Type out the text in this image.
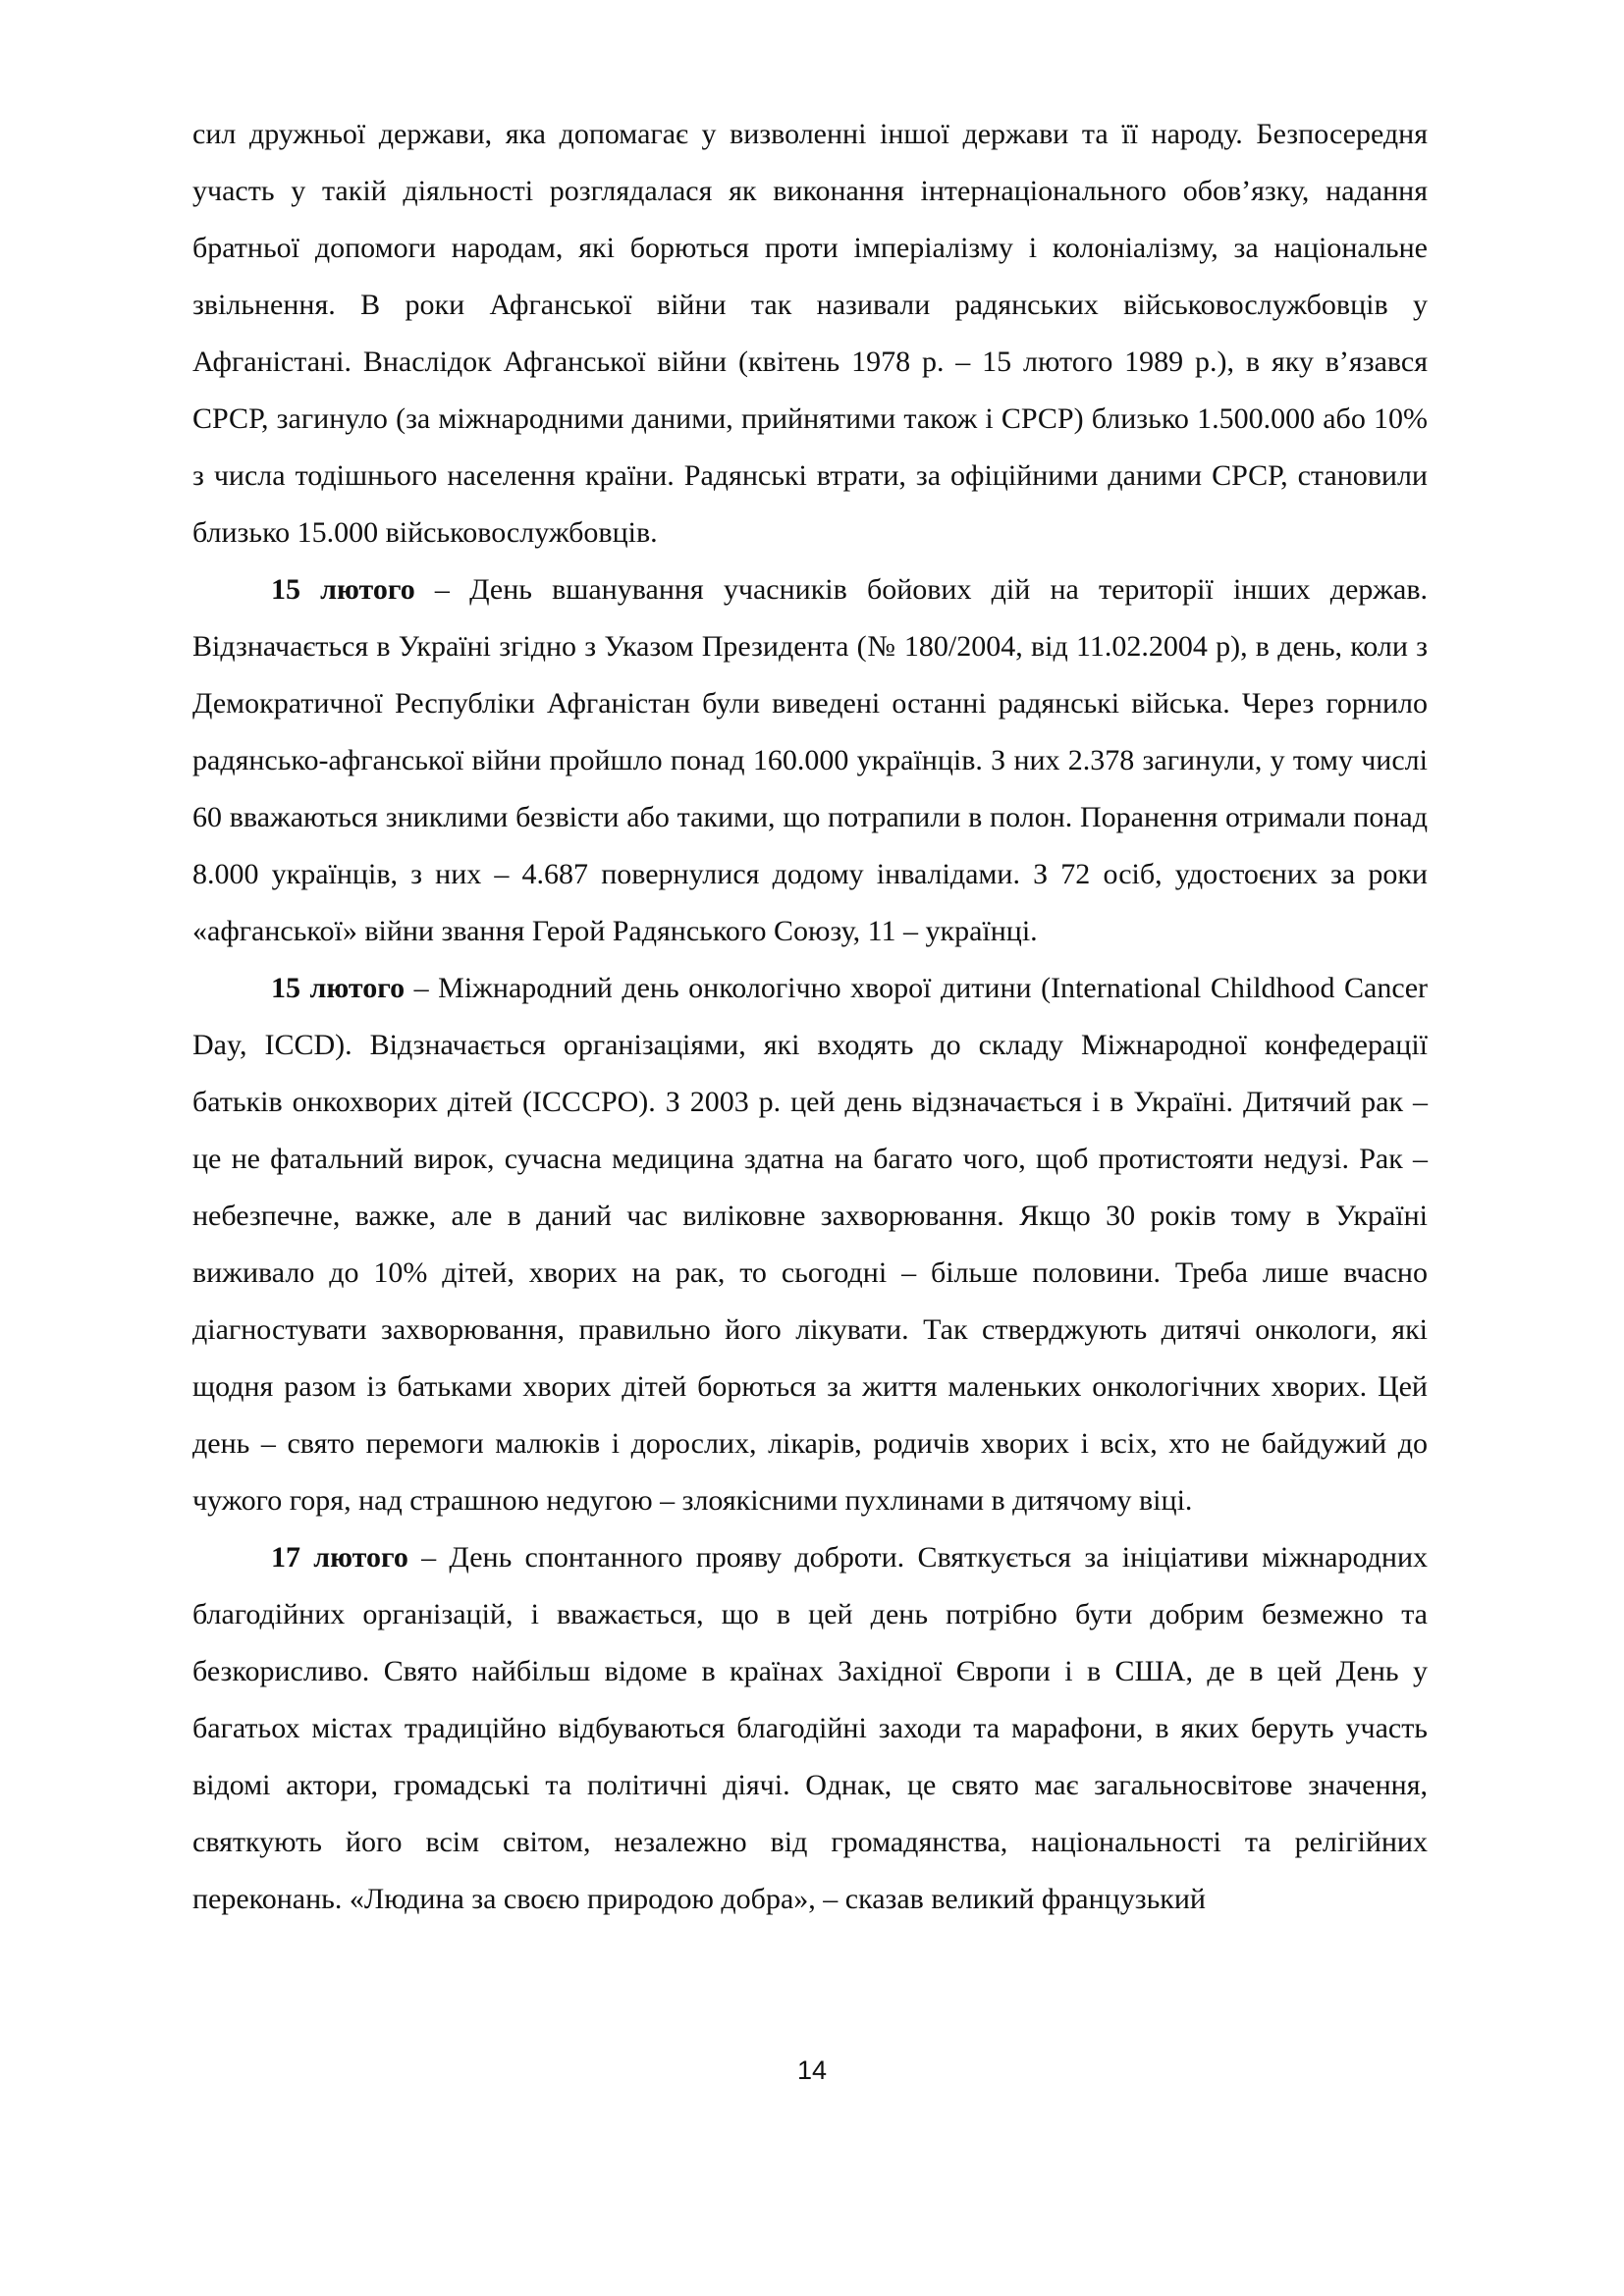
сил дружньої держави, яка допомагає у визволенні іншої держави та її народу. Безпосередня участь у такій діяльності розглядалася як виконання інтернаціонального обов’язку, надання братньої допомоги народам, які борються проти імперіалізму і колоніалізму, за національне звільнення. В роки Афганської війни так називали радянських військовослужбовців у Афганістані. Внаслідок Афганської війни (квітень 1978 р. – 15 лютого 1989 р.), в яку в’язався СРСР, загинуло (за міжнародними даними, прийнятими також і СРСР) близько 1.500.000 або 10% з числа тодішнього населення країни. Радянські втрати, за офіційними даними СРСР, становили близько 15.000 військовослужбовців.

15 лютого – День вшанування учасників бойових дій на території інших держав. Відзначається в Україні згідно з Указом Президента (№ 180/2004, від 11.02.2004 р), в день, коли з Демократичної Республіки Афганістан були виведені останні радянські війська. Через горнило радянсько-афганської війни пройшло понад 160.000 українців. З них 2.378 загинули, у тому числі 60 вважаються зниклими безвісти або такими, що потрапили в полон. Поранення отримали понад 8.000 українців, з них – 4.687 повернулися додому інвалідами. З 72 осіб, удостоєних за роки «афганської» війни звання Герой Радянського Союзу, 11 – українці.

15 лютого – Міжнародний день онкологічно хворої дитини (International Childhood Cancer Day, ICCD). Відзначається організаціями, які входять до складу Міжнародної конфедерації батьків онкохворих дітей (ICCCPO). З 2003 р. цей день відзначається і в Україні. Дитячий рак – це не фатальний вирок, сучасна медицина здатна на багато чого, щоб протистояти недузі. Рак – небезпечне, важке, але в даний час виліковне захворювання. Якщо 30 років тому в Україні виживало до 10% дітей, хворих на рак, то сьогодні – більше половини. Треба лише вчасно діагностувати захворювання, правильно його лікувати. Так стверджують дитячі онкологи, які щодня разом із батьками хворих дітей борються за життя маленьких онкологічних хворих. Цей день – свято перемоги малюків і дорослих, лікарів, родичів хворих і всіх, хто не байдужий до чужого горя, над страшною недугою – злоякісними пухлинами в дитячому віці.

17 лютого – День спонтанного прояву доброти. Святкується за ініціативи міжнародних благодійних організацій, і вважається, що в цей день потрібно бути добрим безмежно та безкорисливо. Свято найбільш відоме в країнах Західної Європи і в США, де в цей День у багатьох містах традиційно відбуваються благодійні заходи та марафони, в яких беруть участь відомі актори, громадські та політичні діячі. Однак, це свято має загальносвітове значення, святкують його всім світом, незалежно від громадянства, національності та релігійних переконань. «Людина за своєю природою добра», – сказав великий французький

14
